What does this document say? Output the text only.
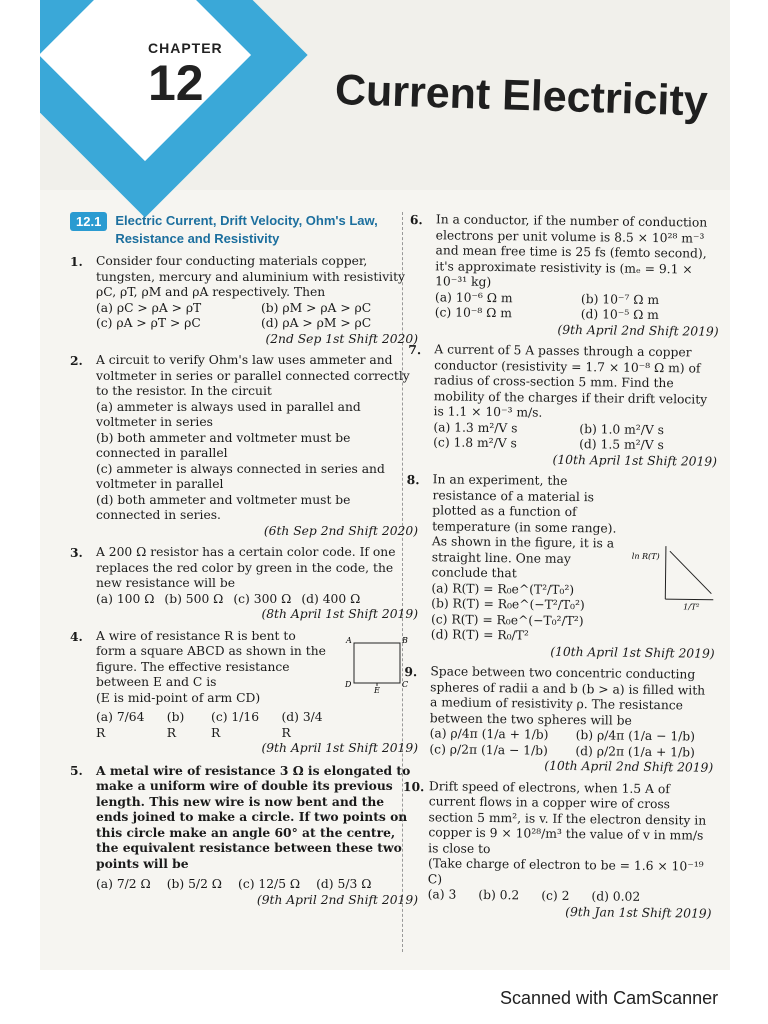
CHAPTER
12	Current Electricity
12.1	Electric Current, Drift Velocity, Ohm's Law, Resistance and Resistivity
1. Consider four conducting materials copper, tungsten, mercury and aluminium with resistivity ρC, ρT, ρM and ρA respectively. Then
(a) ρC > ρA > ρT	(b) ρM > ρA > ρC
(c) ρA > ρT > ρC	(d) ρA > ρM > ρC
(2nd Sep 1st Shift 2020)
2. A circuit to verify Ohm's law uses ammeter and voltmeter in series or parallel connected correctly to the resistor. In the circuit
(a) ammeter is always used in parallel and voltmeter in series
(b) both ammeter and voltmeter must be connected in parallel
(c) ammeter is always connected in series and voltmeter in parallel
(d) both ammeter and voltmeter must be connected in series.
(6th Sep 2nd Shift 2020)
3. A 200 Ω resistor has a certain color code. If one replaces the red color by green in the code, the new resistance will be
(a) 100 Ω (b) 500 Ω (c) 300 Ω (d) 400 Ω
(8th April 1st Shift 2019)
4. A wire of resistance R is bent to form a square ABCD as shown in the figure. The effective resistance between E and C is
(E is mid-point of arm CD)
A	B
D
E
C
(a) 7/64 R
(b) R
(c) 1/16 R
(d) 3/4 R
(9th April 1st Shift 2019)
5. A metal wire of resistance 3 Ω is elongated to make a uniform wire of double its previous length. This new wire is now bent and the ends joined to make a circle. If two points on this circle make an angle 60° at the centre, the equivalent resistance between these two points will be
(a) 7/2 Ω (b) 5/2 Ω (c) 12/5 Ω (d) 5/3 Ω
(9th April 2nd Shift 2019)
6. In a conductor, if the number of conduction electrons per unit volume is 8.5 × 10²⁸ m⁻³ and mean free time is 25 fs (femto second), it's approximate resistivity is (mₑ = 9.1 × 10⁻³¹ kg)
(a) 10⁻⁶ Ω m	(b) 10⁻⁷ Ω m
(c) 10⁻⁸ Ω m	(d) 10⁻⁵ Ω m
(9th April 2nd Shift 2019)
7. A current of 5 A passes through a copper conductor (resistivity = 1.7 × 10⁻⁸ Ω m) of radius of cross-section 5 mm. Find the mobility of the charges if their drift velocity is 1.1 × 10⁻³ m/s.
(a) 1.3 m²/V s	(b) 1.0 m²/V s
(c) 1.8 m²/V s	(d) 1.5 m²/V s
(10th April 1st Shift 2019)
8. In an experiment, the resistance of a material is plotted as a function of temperature (in some range). As shown in the figure, it is a straight line. One may conclude that
ln R(T)
1/T²
(a) R(T) = R₀e^(T²/T₀²)
(b) R(T) = R₀e^(−T²/T₀²)
(c) R(T) = R₀e^(−T₀²/T²)
(d) R(T) = R₀/T²
(10th April 1st Shift 2019)
9. Space between two concentric conducting spheres of radii a and b (b > a) is filled with a medium of resistivity ρ. The resistance between the two spheres will be
(a) ρ/4π (1/a + 1/b)	(b) ρ/4π (1/a − 1/b)
(c) ρ/2π (1/a − 1/b)	(d) ρ/2π (1/a + 1/b)
(10th April 2nd Shift 2019)
10. Drift speed of electrons, when 1.5 A of current flows in a copper wire of cross section 5 mm², is v. If the electron density in copper is 9 × 10²⁸/m³ the value of v in mm/s is close to
(Take charge of electron to be = 1.6 × 10⁻¹⁹ C)
(a) 3 (b) 0.2 (c) 2 (d) 0.02
(9th Jan 1st Shift 2019)
Scanned with CamScanner
